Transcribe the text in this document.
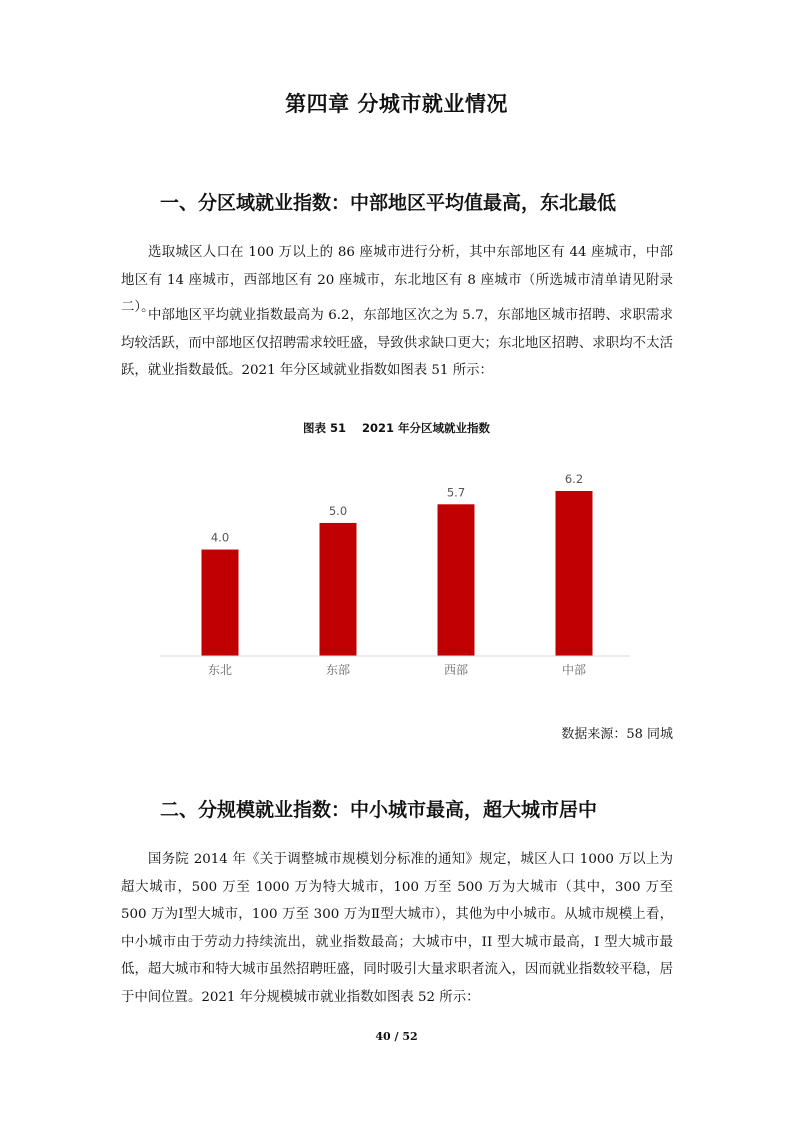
第四章 分城市就业情况
一、分区域就业指数：中部地区平均值最高，东北最低

选取城区人口在 100 万以上的 86 座城市进行分析，其中东部地区有 44 座城市，中部地区有 14 座城市，西部地区有 20 座城市，东北地区有 8 座城市（所选城市清单请见附录二）。

中部地区平均就业指数最高为 6.2，东部地区次之为 5.7，东部地区城市招聘、求职需求均较活跃，而中部地区仅招聘需求较旺盛，导致供求缺口更大；东北地区招聘、求职均不太活跃，就业指数最低。2021 年分区域就业指数如图表 51 所示：

图表 51 2021 年分区域就业指数
4.0
东北
5.0
东部
5.7
西部
6.2
中部
数据来源：58 同城
二、分规模就业指数：中小城市最高，超大城市居中

国务院 2014 年《关于调整城市规模划分标准的通知》规定，城区人口 1000 万以上为超大城市，500 万至 1000 万为特大城市，100 万至 500 万为大城市（其中，300 万至 500 万为Ⅰ型大城市，100 万至 300 万为Ⅱ型大城市），其他为中小城市。从城市规模上看，中小城市由于劳动力持续流出，就业指数最高；大城市中，II 型大城市最高，I 型大城市最低，超大城市和特大城市虽然招聘旺盛，同时吸引大量求职者流入，因而就业指数较平稳，居于中间位置。2021 年分规模城市就业指数如图表 52 所示：

40 / 52
